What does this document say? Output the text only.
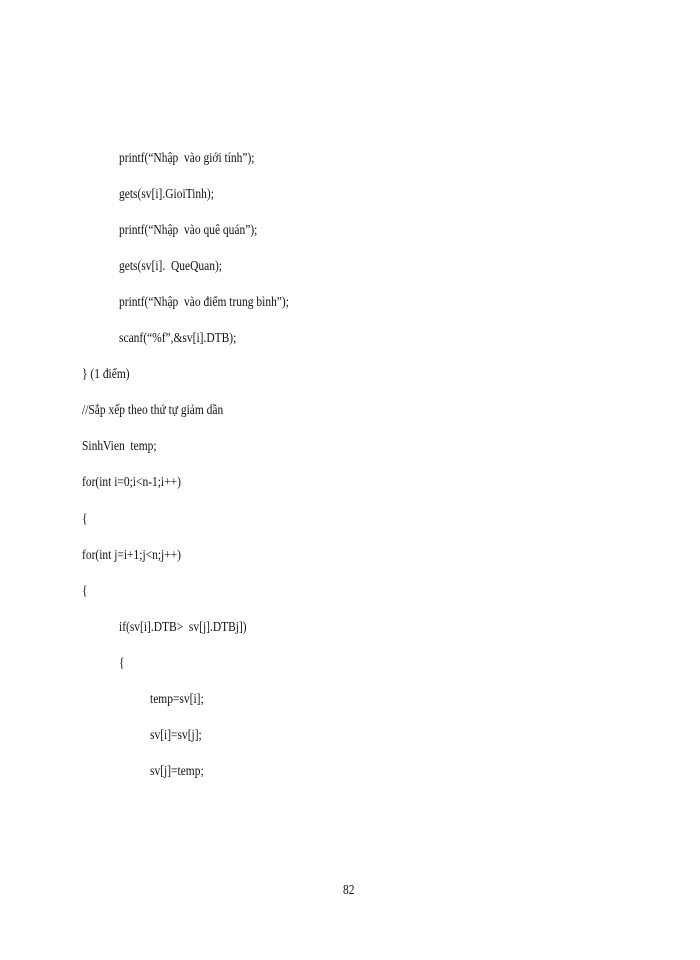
printf(“Nhập  vào giới tính”);
gets(sv[i].GioiTinh);
printf(“Nhập  vào quê quán”);
gets(sv[i].  QueQuan);
printf(“Nhập  vào điểm trung bình”);
scanf(“%f”,&sv[i].DTB);
} (1 điểm)
//Sắp xếp theo thứ tự giảm dần
SinhVien  temp;
for(int i=0;i<n-1;i++)
{
for(int j=i+1;j<n;j++)
{
if(sv[i].DTB>  sv[j].DTBj])
{
temp=sv[i];
sv[i]=sv[j];
sv[j]=temp;
82
